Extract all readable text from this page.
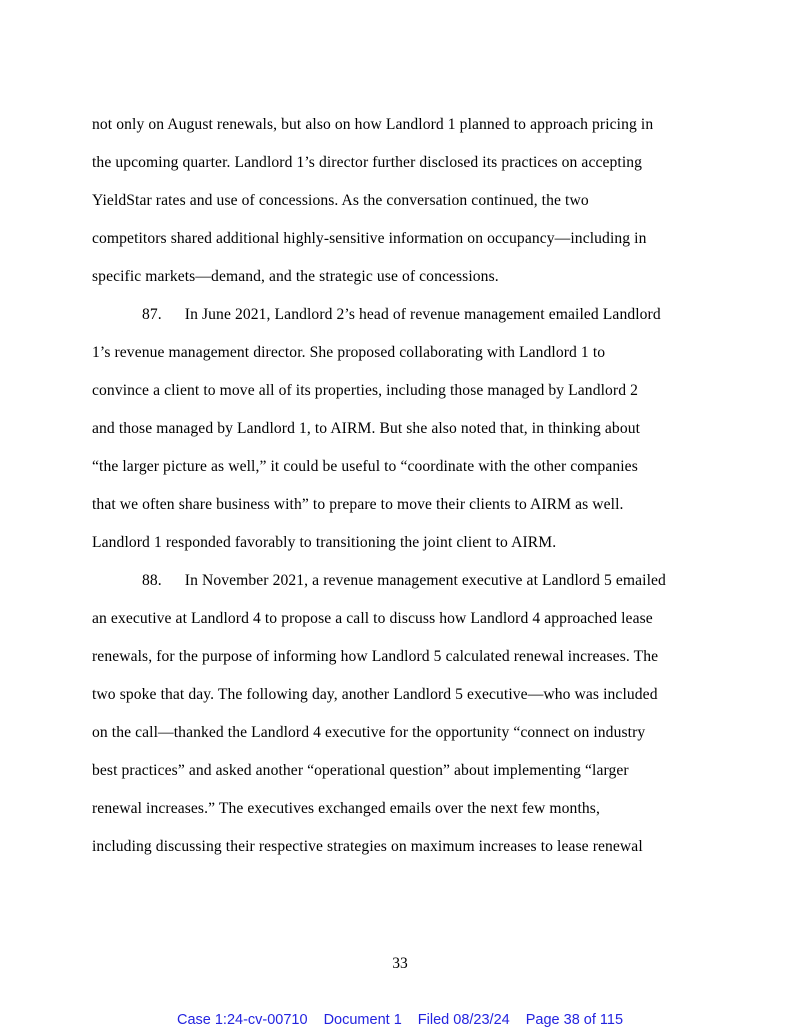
not only on August renewals, but also on how Landlord 1 planned to approach pricing in
the upcoming quarter. Landlord 1’s director further disclosed its practices on accepting
YieldStar rates and use of concessions. As the conversation continued, the two
competitors shared additional highly-sensitive information on occupancy—including in
specific markets—demand, and the strategic use of concessions.
87. In June 2021, Landlord 2’s head of revenue management emailed Landlord
1’s revenue management director. She proposed collaborating with Landlord 1 to
convince a client to move all of its properties, including those managed by Landlord 2
and those managed by Landlord 1, to AIRM. But she also noted that, in thinking about
“the larger picture as well,” it could be useful to “coordinate with the other companies
that we often share business with” to prepare to move their clients to AIRM as well.
Landlord 1 responded favorably to transitioning the joint client to AIRM.
88. In November 2021, a revenue management executive at Landlord 5 emailed
an executive at Landlord 4 to propose a call to discuss how Landlord 4 approached lease
renewals, for the purpose of informing how Landlord 5 calculated renewal increases. The
two spoke that day. The following day, another Landlord 5 executive—who was included
on the call—thanked the Landlord 4 executive for the opportunity “connect on industry
best practices” and asked another “operational question” about implementing “larger
renewal increases.” The executives exchanged emails over the next few months,
including discussing their respective strategies on maximum increases to lease renewal
33
Case 1:24-cv-00710 Document 1 Filed 08/23/24 Page 38 of 115
